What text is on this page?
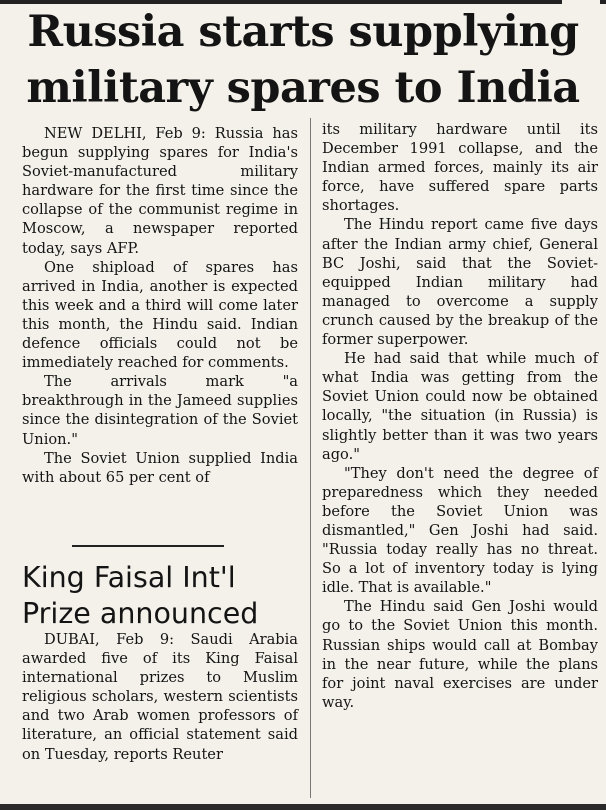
Russia starts supplying
military spares to India

NEW DELHI, Feb 9: Russia has begun supplying spares for India's Soviet-manufactured military hardware for the first time since the collapse of the communist regime in Moscow, a newspaper reported today, says AFP.

One shipload of spares has arrived in India, another is expected this week and a third will come later this month, the Hindu said. Indian defence officials could not be immediately reached for comments.

The arrivals mark "a breakthrough in the Jameed supplies since the disintegration of the Soviet Union."

The Soviet Union supplied India with about 65 per cent of

King Faisal Int'l
Prize announced

DUBAI, Feb 9: Saudi Arabia awarded five of its King Faisal international prizes to Muslim religious scholars, western scientists and two Arab women professors of literature, an official statement said on Tuesday, reports Reuter

its military hardware until its December 1991 collapse, and the Indian armed forces, mainly its air force, have suffered spare parts shortages.

The Hindu report came five days after the Indian army chief, General BC Joshi, said that the Soviet-equipped Indian military had managed to overcome a supply crunch caused by the breakup of the former superpower.

He had said that while much of what India was getting from the Soviet Union could now be obtained locally, "the situation (in Russia) is slightly better than it was two years ago."

"They don't need the degree of preparedness which they needed before the Soviet Union was dismantled," Gen Joshi had said. "Russia today really has no threat. So a lot of inventory today is lying idle. That is available."

The Hindu said Gen Joshi would go to the Soviet Union this month. Russian ships would call at Bombay in the near future, while the plans for joint naval exercises are under way.
